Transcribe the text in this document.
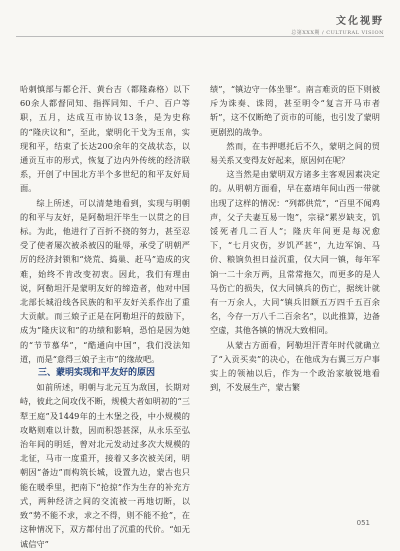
文化视野
总第XXX期 / CULTURAL VISION

哈刺慎部与都仑汗、黄台吉（都隆森格）以下60余人都督同知、指挥同知、千户、百户等职，五月，达成互市协议13条，是为史称的“隆庆议和”，至此，蒙明化干戈为玉帛，实现和平，结束了长达200余年的交战状态，以通贡互市的形式，恢复了边内外传统的经济联系，开创了中国北方半个多世纪的和平友好局面。

综上所述，可以清楚地看到，实现与明朝的和平与友好，是阿勒坦汗毕生一以贯之的目标。为此，他进行了百折不挠的努力，甚至忍受了使者屡次被杀被囚的耻辱，承受了明朝严厉的经济封锁和“烧荒、捣巢、赶马”造成的灾难，始终不肯改变初衷。因此，我们有理由说，阿勒坦汗是蒙明友好的缔造者，他对中国北部长城沿线各民族的和平友好关系作出了重大贡献。而三娘子正是在阿勒坦汗的鼓励下，成为“隆庆议和”的功绩和影响，恐怕是因为她的“节节慕华”，“酷通向中国”，我们没法知道，而是“意得三娘子主市”的缘故吧。

三、蒙明实现和平友好的原因

如前所述，明朝与北元互为敌国，长期对峙，彼此之间攻伐不断，规模大者如明初的“三犁王庭”及1449年的土木堡之役，中小规模的攻略则难以计数，因而积怨甚深，从永乐至弘治年间的明廷，曾对北元发动过多次大规模的北征，马市一度重开，接着又多次被关闭，明朝因“备边”而构筑长城，设置九边，蒙古也只能在暖季里，把南下“抢掠”作为生存的补充方式，两种经济之间的交流被一再地切断，以致“势不能不求，求之不得，则不能不抢”，在这种情况下，双方都付出了沉重的代价。“如无诚信守”

绩”，“镇边守一体坐罪”。南言难贡的臣下则被斥为诛奏、诛罔，甚至明令“复言开马市者斩”，这不仅断绝了贡市的可能，也引发了蒙明更剧烈的战争。

然而，在韦押嗯托后不久，蒙明之间的贸易关系又变得友好起来，原因何在呢？

这当然是由蒙明双方诸多主客观因素决定的。从明朝方面看，早在嘉靖年间山西一带就出现了这样的情况：“列都供荒”，“百里不闻鸡声，父子夫妻互易一饱”，宗禄“累岁缺支，饥馁死者几二百人”；隆庆年间更是每况愈下，“七月灾伤，岁饥严甚”，九边军饷、马价、粮饷负担日益沉重，仅大同一镇，每年军饷一二十余万两，且常常拖欠，而更多的是人马伤亡的损失，仅大同镇兵的伤亡，据统计就有一万余人，大同“镇兵旧额五万四千五百余名，今存一万八千二百余名”，以此推算，边备空虚，其他各镇的情况大致相同。

从蒙古方面看，阿勒坦汗青年时代就确立了“入贡买卖”的决心，在他成为右翼三万户事实上的领袖以后，作为一个政治家敏锐地看到，不发展生产，蒙古繁

051
